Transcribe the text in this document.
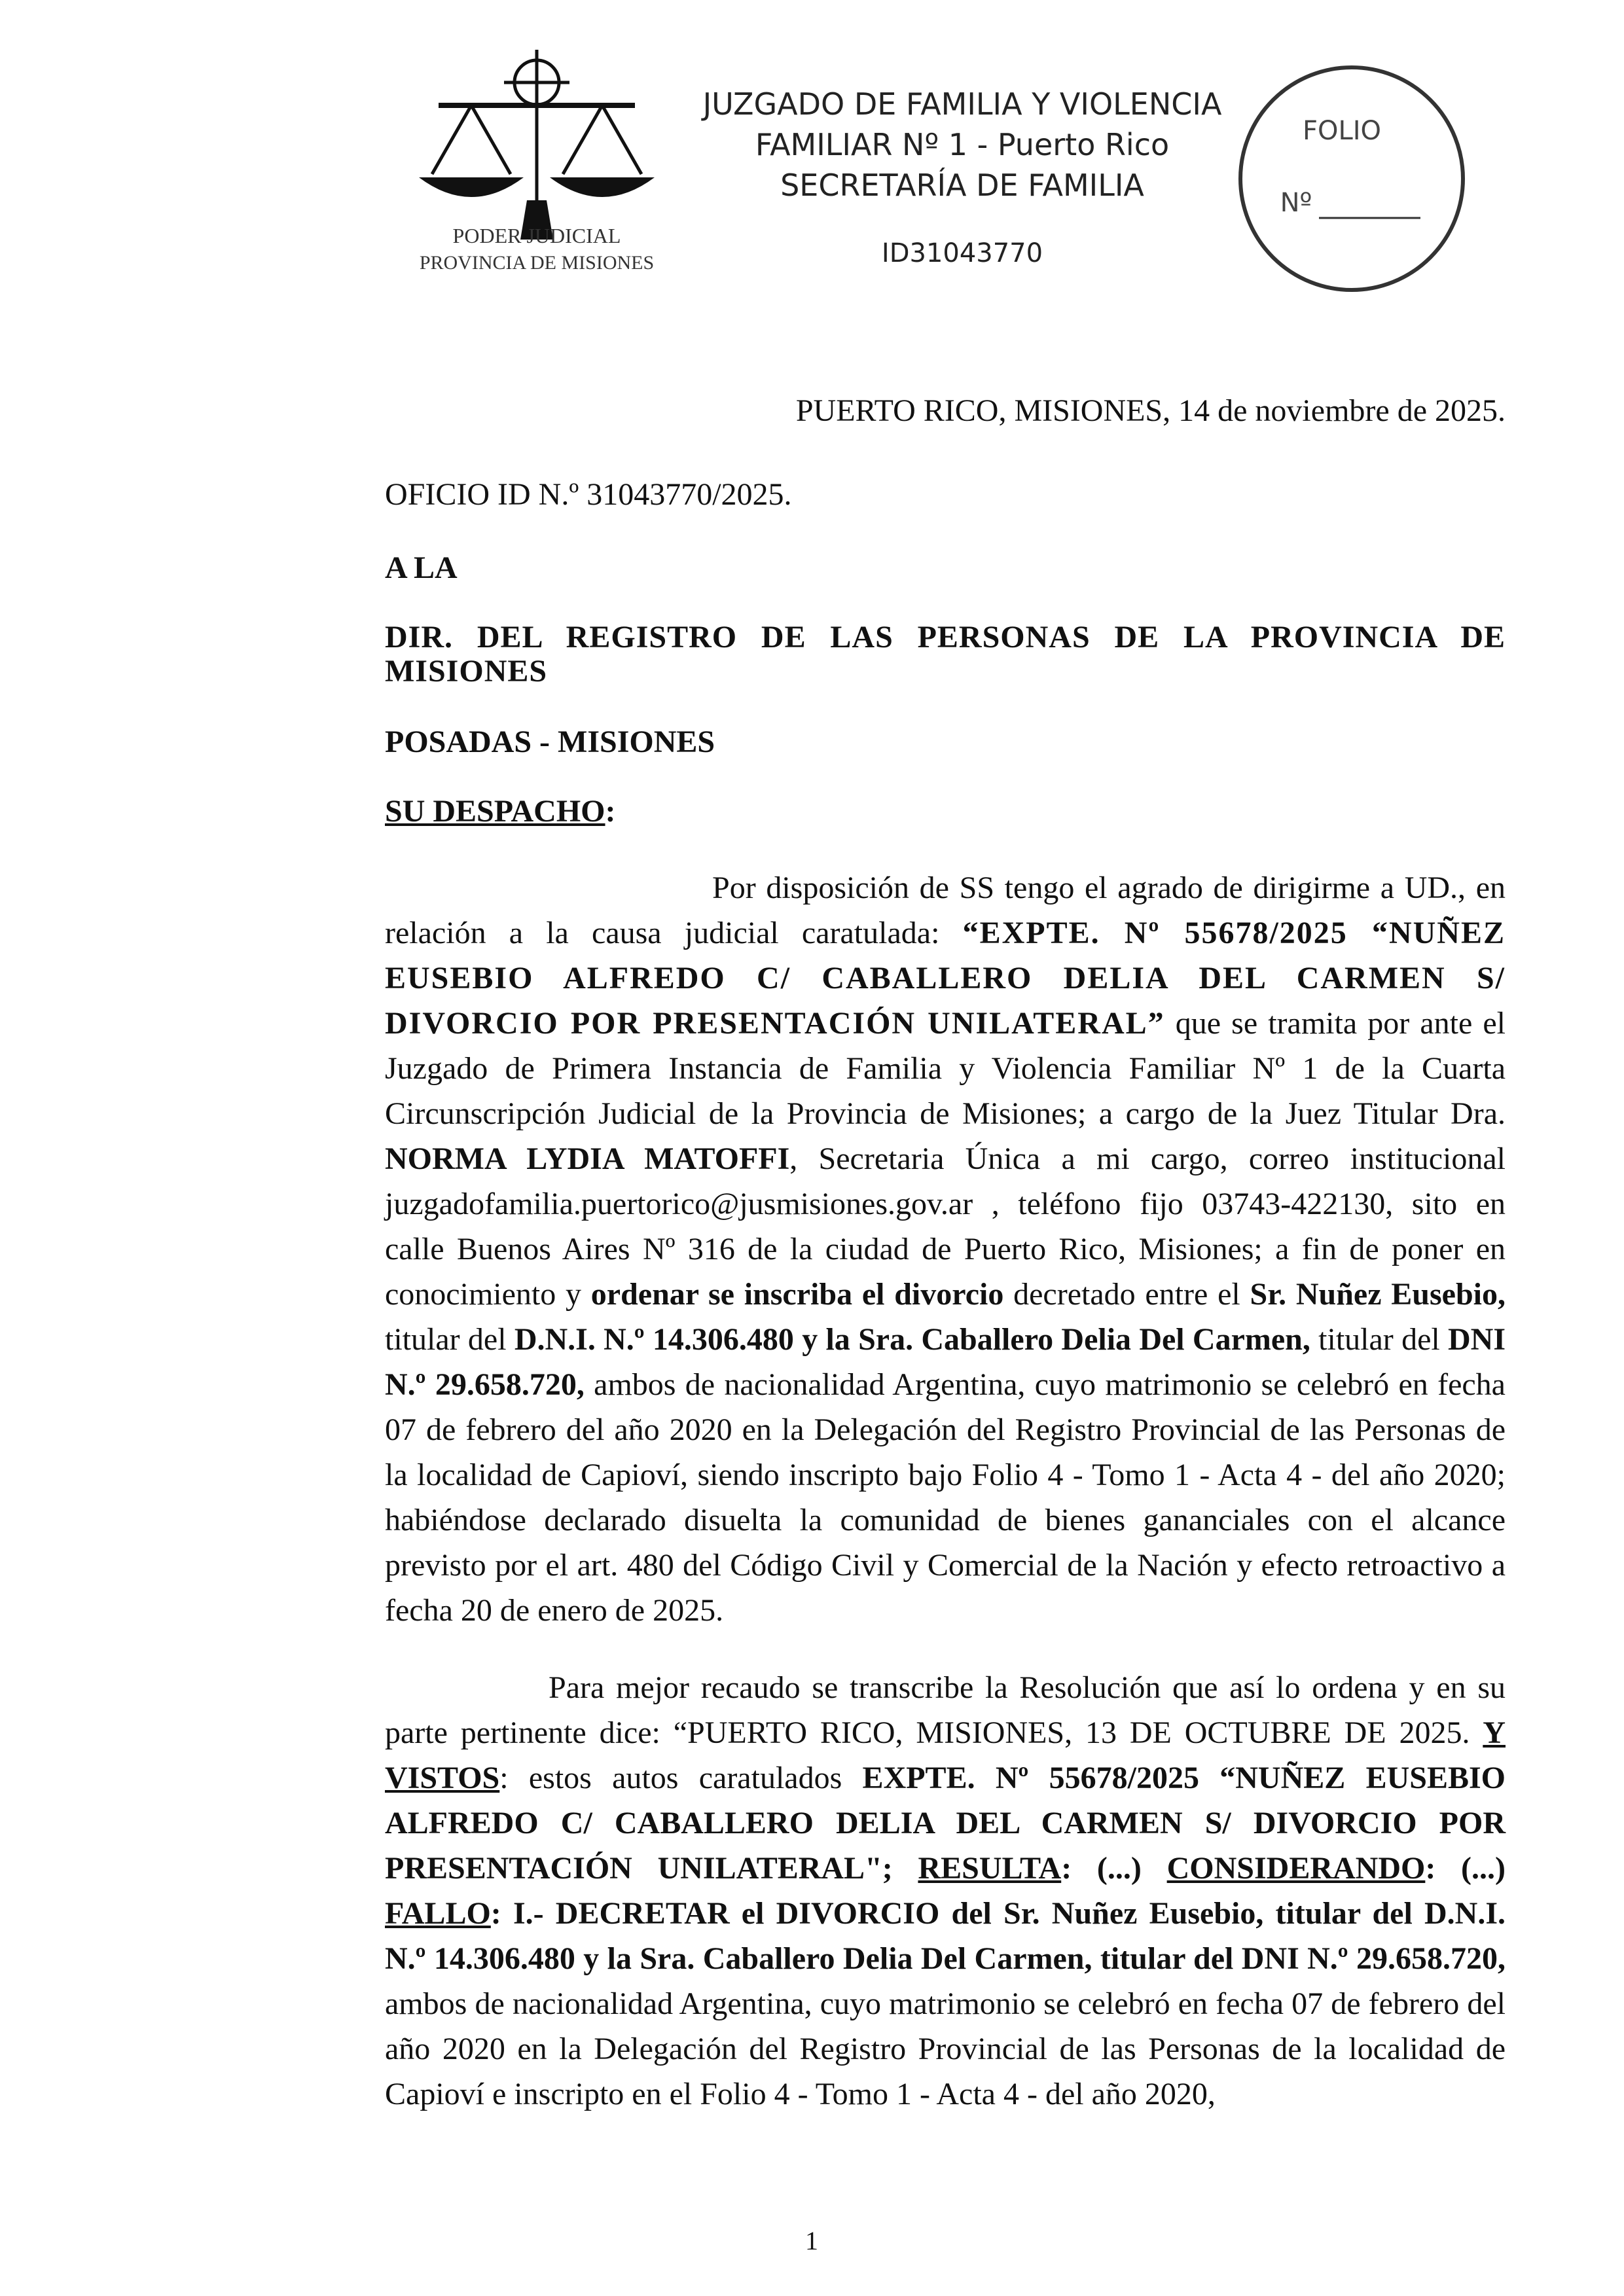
PODER JUDICIAL
PROVINCIA DE MISIONES
JUZGADO DE FAMILIA Y VIOLENCIA
FAMILIAR Nº 1 - Puerto Rico
SECRETARÍA DE FAMILIA
ID31043770
FOLIO
Nº
PUERTO RICO, MISIONES, 14 de noviembre de 2025.
OFICIO ID N.º 31043770/2025.
A LA
DIR. DEL REGISTRO DE LAS PERSONAS DE LA PROVINCIA DE MISIONES
POSADAS - MISIONES
SU DESPACHO:
Por disposición de SS tengo el agrado de dirigirme a UD., en relación a la causa judicial caratulada: “EXPTE. Nº 55678/2025 “NUÑEZ EUSEBIO ALFREDO C/ CABALLERO DELIA DEL CARMEN S/ DIVORCIO POR PRESENTACIÓN UNILATERAL” que se tramita por ante el Juzgado de Primera Instancia de Familia y Violencia Familiar Nº 1 de la Cuarta Circunscripción Judicial de la Provincia de Misiones; a cargo de la Juez Titular Dra. NORMA LYDIA MATOFFI, Secretaria Única a mi cargo, correo institucional juzgadofamilia.puertorico@jusmisiones.gov.ar , teléfono fijo 03743-422130, sito en calle Buenos Aires Nº 316 de la ciudad de Puerto Rico, Misiones; a fin de poner en conocimiento y ordenar se inscriba el divorcio decretado entre el Sr. Nuñez Eusebio, titular del D.N.I. N.º 14.306.480 y la Sra. Caballero Delia Del Carmen, titular del DNI N.º 29.658.720, ambos de nacionalidad Argentina, cuyo matrimonio se celebró en fecha 07 de febrero del año 2020 en la Delegación del Registro Provincial de las Personas de la localidad de Capioví, siendo inscripto bajo Folio 4 - Tomo 1 - Acta 4 - del año 2020; habiéndose declarado disuelta la comunidad de bienes gananciales con el alcance previsto por el art. 480 del Código Civil y Comercial de la Nación y efecto retroactivo a fecha 20 de enero de 2025.
Para mejor recaudo se transcribe la Resolución que así lo ordena y en su parte pertinente dice: “PUERTO RICO, MISIONES, 13 DE OCTUBRE DE 2025. Y VISTOS: estos autos caratulados EXPTE. Nº 55678/2025 “NUÑEZ EUSEBIO ALFREDO C/ CABALLERO DELIA DEL CARMEN S/ DIVORCIO POR PRESENTACIÓN UNILATERAL"; RESULTA: (...) CONSIDERANDO: (...) FALLO: I.- DECRETAR el DIVORCIO del Sr. Nuñez Eusebio, titular del D.N.I. N.º 14.306.480 y la Sra. Caballero Delia Del Carmen, titular del DNI N.º 29.658.720, ambos de nacionalidad Argentina, cuyo matrimonio se celebró en fecha 07 de febrero del año 2020 en la Delegación del Registro Provincial de las Personas de la localidad de Capioví e inscripto en el Folio 4 - Tomo 1 - Acta 4 - del año 2020,
1
